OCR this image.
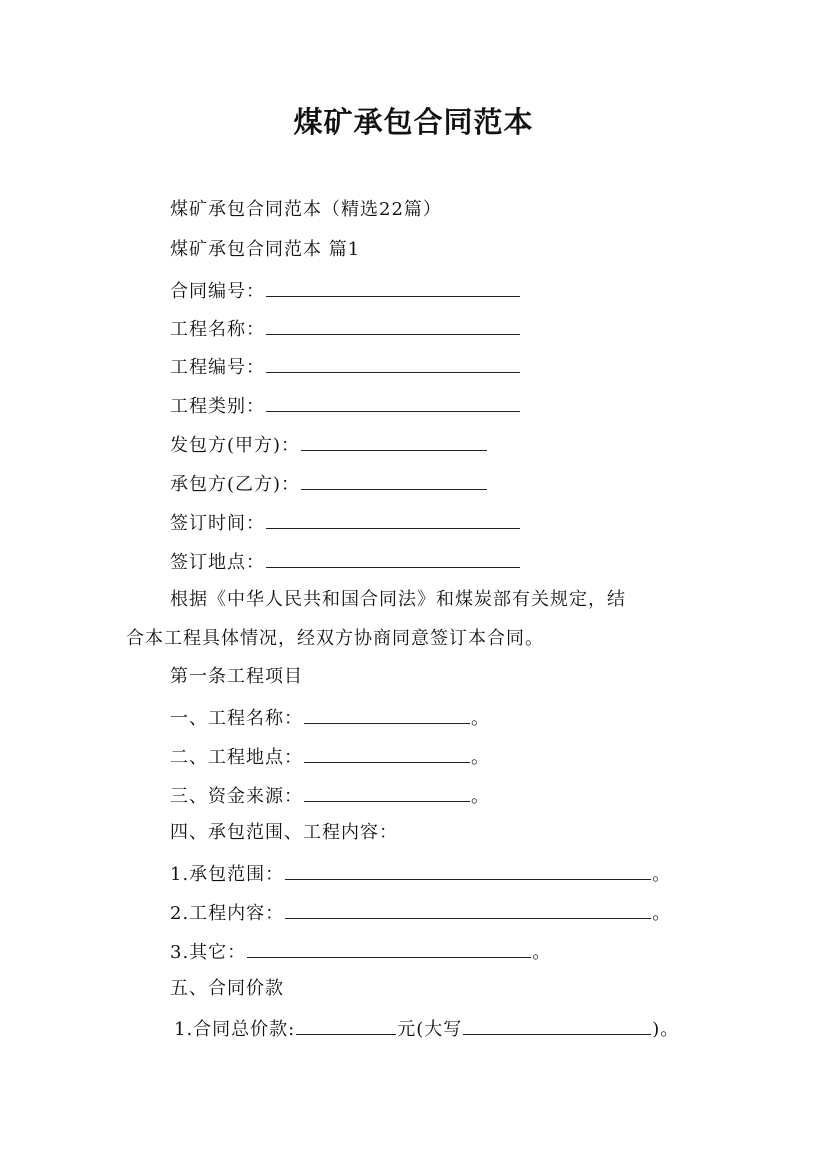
煤矿承包合同范本
煤矿承包合同范本（精选22篇）
煤矿承包合同范本 篇1
合同编号：
工程名称：
工程编号：
工程类别：
发包方(甲方)：
承包方(乙方)：
签订时间：
签订地点：
根据《中华人民共和国合同法》和煤炭部有关规定，结
合本工程具体情况，经双方协商同意签订本合同。
第一条工程项目
一、工程名称：	。
二、工程地点：	。
三、资金来源：	。
四、承包范围、工程内容：
1.承包范围：	。
2.工程内容：	。
3.其它：	。
五、合同价款
1.合同总价款:	元(大写	)。
